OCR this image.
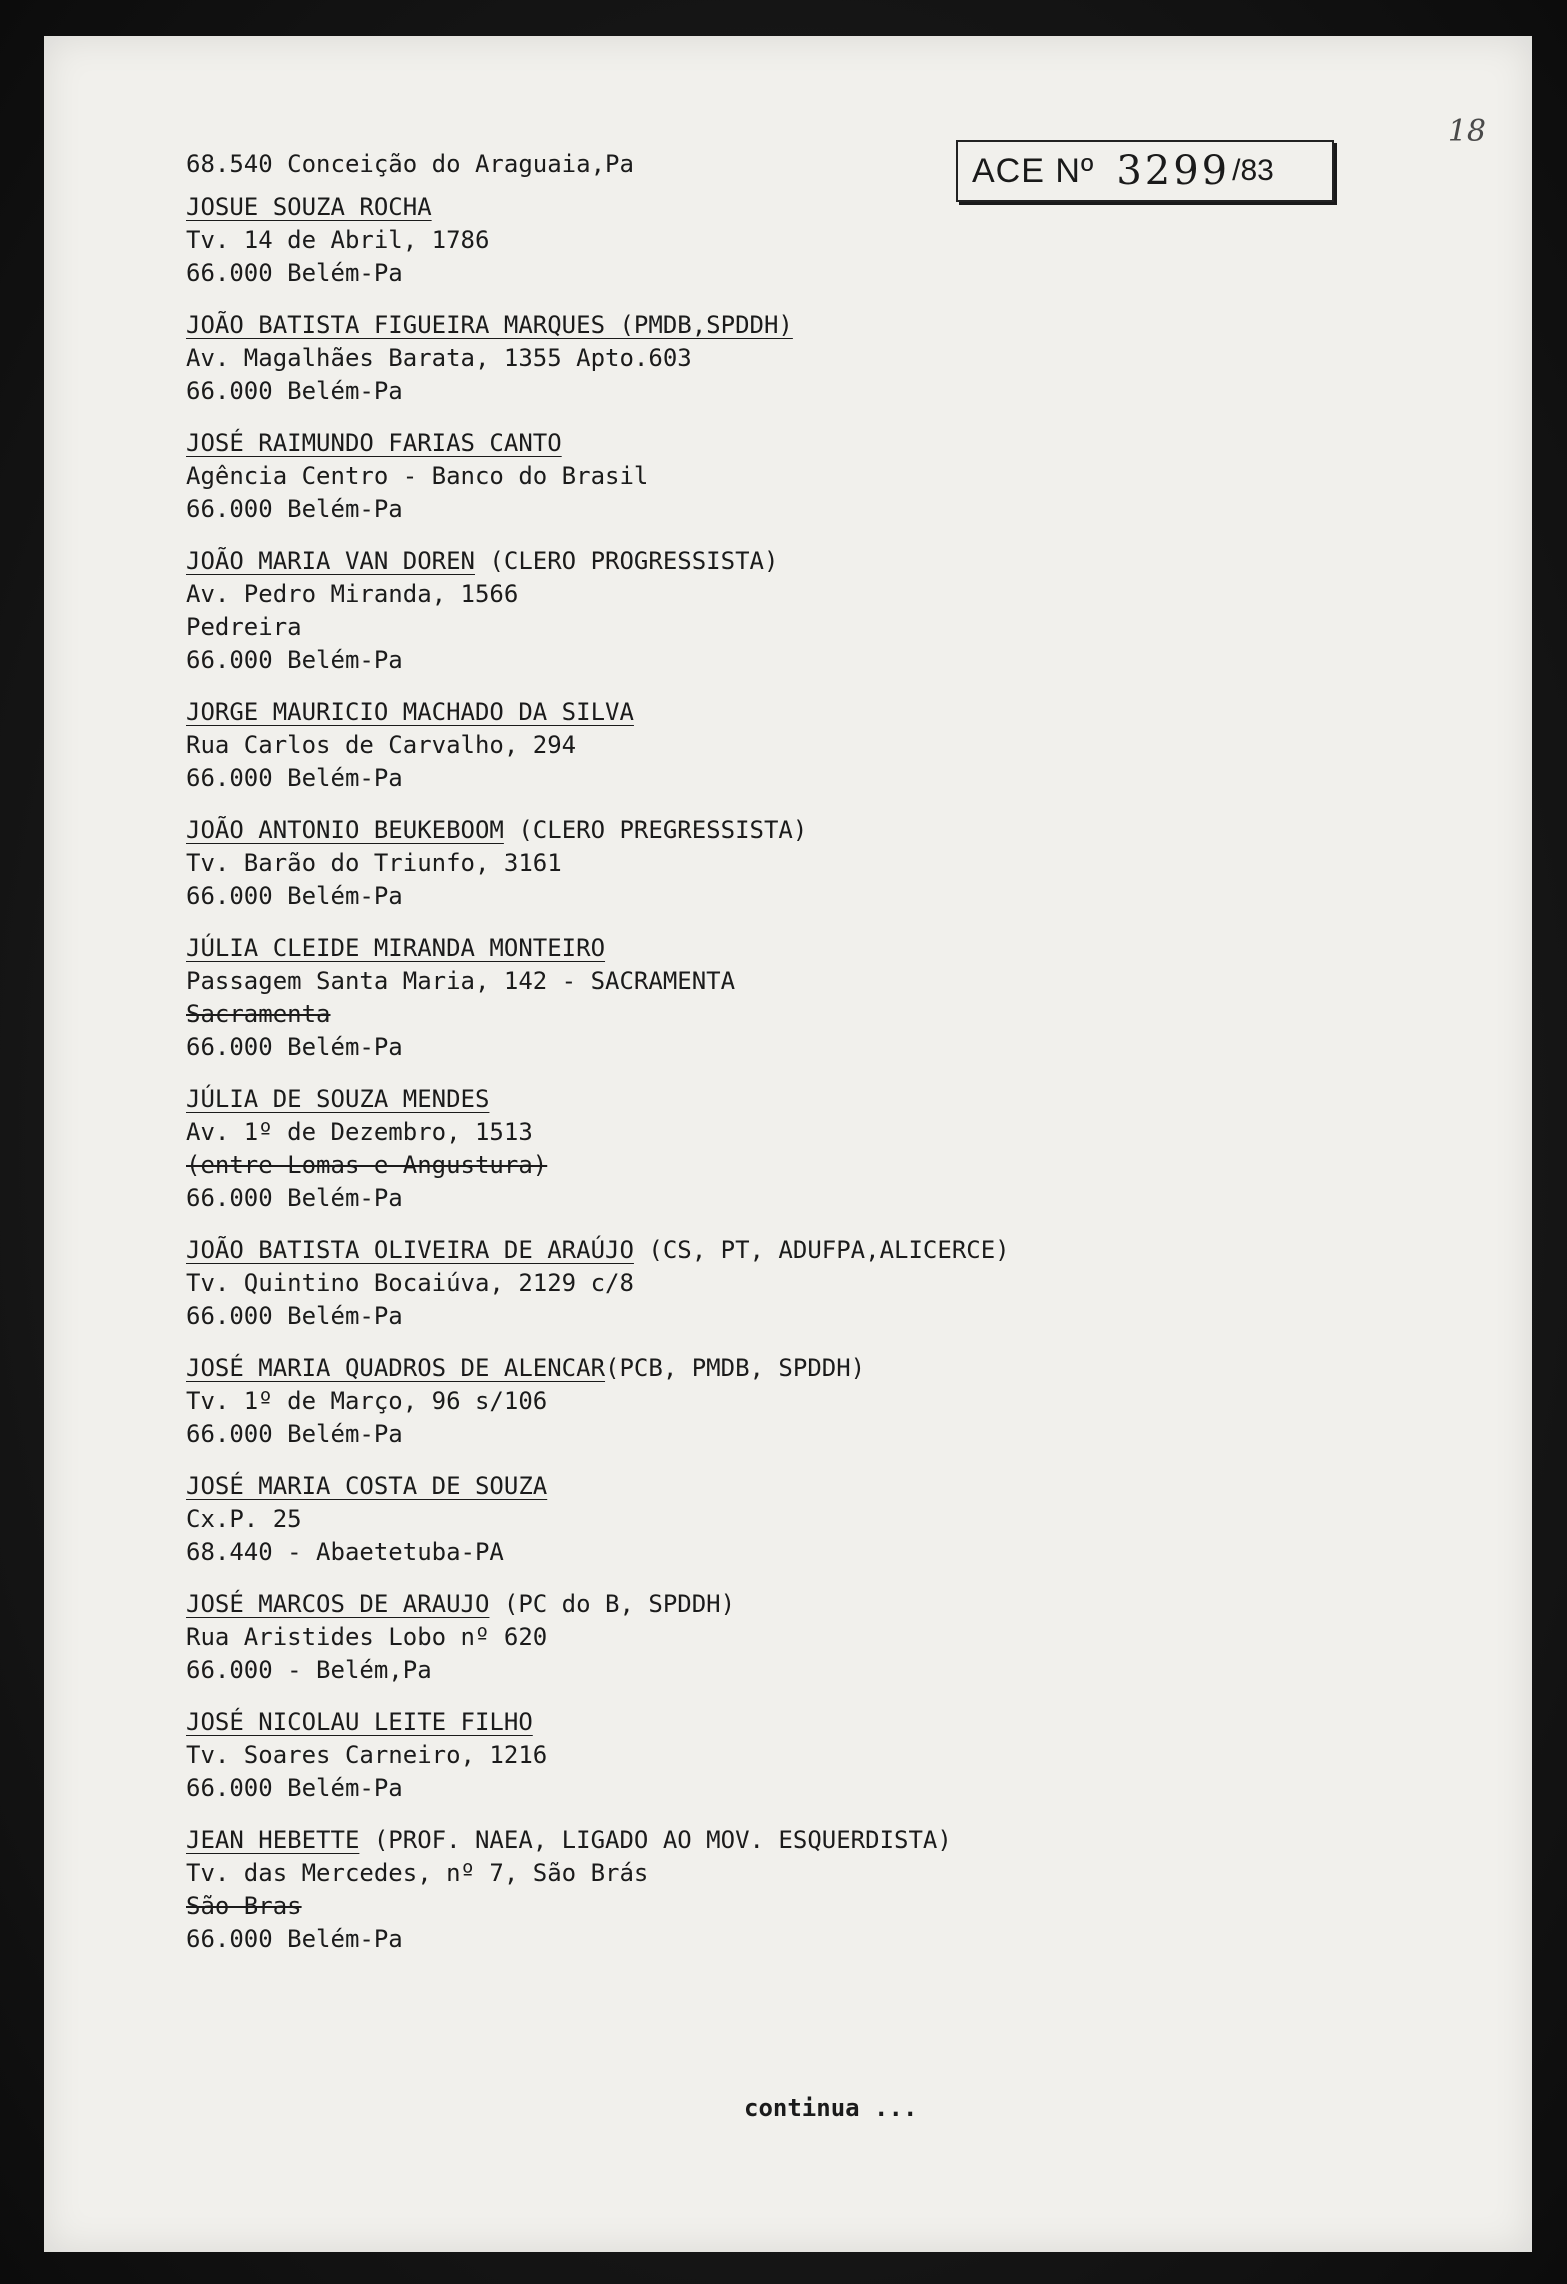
18
ACE Nº 3299 /83

68.540 Conceição do Araguaia,Pa

JOSUE SOUZA ROCHA

Tv. 14 de Abril, 1786

66.000 Belém-Pa

JOÃO BATISTA FIGUEIRA MARQUES (PMDB,SPDDH)

Av. Magalhães Barata, 1355 Apto.603

66.000 Belém-Pa

JOSÉ RAIMUNDO FARIAS CANTO

Agência Centro - Banco do Brasil

66.000 Belém-Pa

JOÃO MARIA VAN DOREN (CLERO PROGRESSISTA)

Av. Pedro Miranda, 1566

Pedreira

66.000 Belém-Pa

JORGE MAURICIO MACHADO DA SILVA

Rua Carlos de Carvalho, 294

66.000 Belém-Pa

JOÃO ANTONIO BEUKEBOOM (CLERO PREGRESSISTA)

Tv. Barão do Triunfo, 3161

66.000 Belém-Pa

JÚLIA CLEIDE MIRANDA MONTEIRO

Passagem Santa Maria, 142 - SACRAMENTA

Sacramenta

66.000 Belém-Pa

JÚLIA DE SOUZA MENDES

Av. 1º de Dezembro, 1513

(entre Lomas e Angustura)

66.000 Belém-Pa

JOÃO BATISTA OLIVEIRA DE ARAÚJO (CS, PT, ADUFPA,ALICERCE)

Tv. Quintino Bocaiúva, 2129 c/8

66.000 Belém-Pa

JOSÉ MARIA QUADROS DE ALENCAR(PCB, PMDB, SPDDH)

Tv. 1º de Março, 96 s/106

66.000 Belém-Pa

JOSÉ MARIA COSTA DE SOUZA

Cx.P. 25

68.440 - Abaetetuba-PA

JOSÉ MARCOS DE ARAUJO (PC do B, SPDDH)

Rua Aristides Lobo nº 620

66.000 - Belém,Pa

JOSÉ NICOLAU LEITE FILHO

Tv. Soares Carneiro, 1216

66.000 Belém-Pa

JEAN HEBETTE (PROF. NAEA, LIGADO AO MOV. ESQUERDISTA)

Tv. das Mercedes, nº 7, São Brás

São Bras

66.000 Belém-Pa

continua ...
